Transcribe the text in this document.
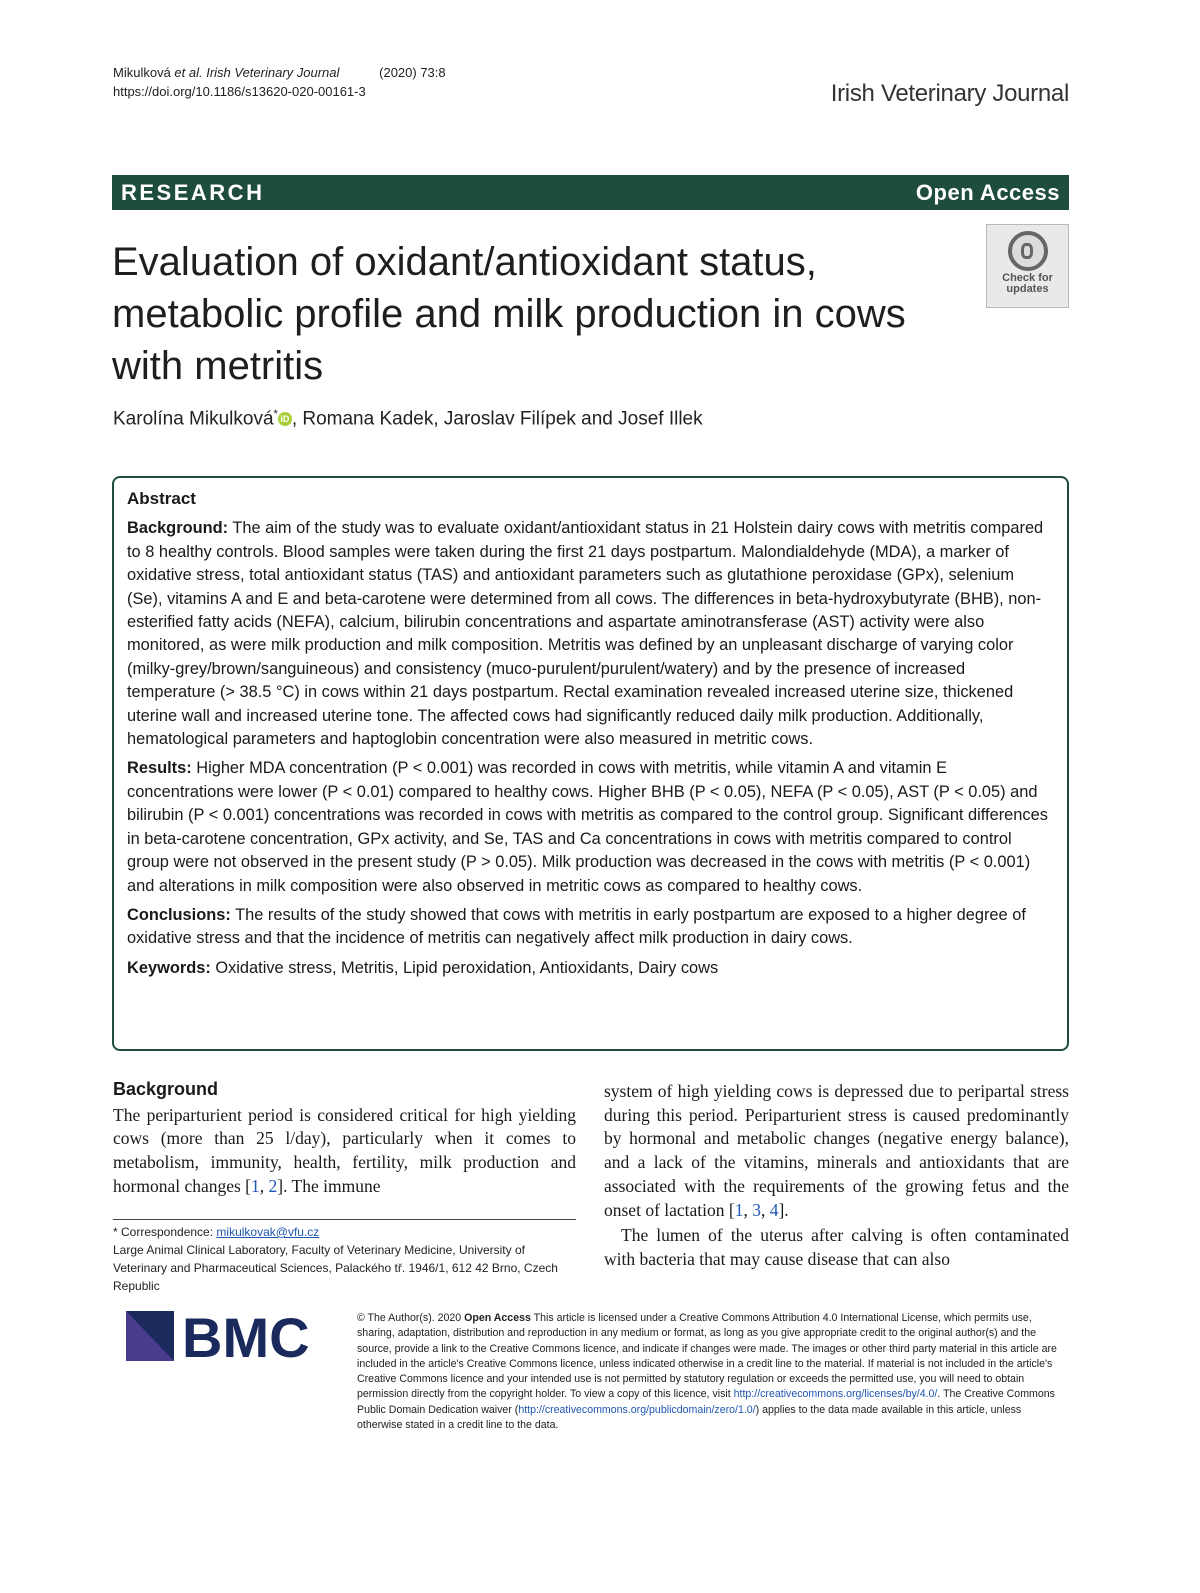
Mikulková et al. Irish Veterinary Journal	(2020) 73:8
https://doi.org/10.1186/s13620-020-00161-3	Irish Veterinary Journal
RESEARCH	Open Access
Evaluation of oxidant/antioxidant status, metabolic profile and milk production in cows with metritis
Check for
updates
Karolína Mikulková* iD , Romana Kadek, Jaroslav Filípek and Josef Illek
Abstract

Background: The aim of the study was to evaluate oxidant/antioxidant status in 21 Holstein dairy cows with metritis compared to 8 healthy controls. Blood samples were taken during the first 21 days postpartum. Malondialdehyde (MDA), a marker of oxidative stress, total antioxidant status (TAS) and antioxidant parameters such as glutathione peroxidase (GPx), selenium (Se), vitamins A and E and beta-carotene were determined from all cows. The differences in beta-hydroxybutyrate (BHB), non-esterified fatty acids (NEFA), calcium, bilirubin concentrations and aspartate aminotransferase (AST) activity were also monitored, as were milk production and milk composition. Metritis was defined by an unpleasant discharge of varying color (milky-grey/brown/sanguineous) and consistency (muco-purulent/purulent/watery) and by the presence of increased temperature (> 38.5 °C) in cows within 21 days postpartum. Rectal examination revealed increased uterine size, thickened uterine wall and increased uterine tone. The affected cows had significantly reduced daily milk production. Additionally, hematological parameters and haptoglobin concentration were also measured in metritic cows.

Results: Higher MDA concentration (P < 0.001) was recorded in cows with metritis, while vitamin A and vitamin E concentrations were lower (P < 0.01) compared to healthy cows. Higher BHB (P < 0.05), NEFA (P < 0.05), AST (P < 0.05) and bilirubin (P < 0.001) concentrations was recorded in cows with metritis as compared to the control group. Significant differences in beta-carotene concentration, GPx activity, and Se, TAS and Ca concentrations in cows with metritis compared to control group were not observed in the present study (P > 0.05). Milk production was decreased in the cows with metritis (P < 0.001) and alterations in milk composition were also observed in metritic cows as compared to healthy cows.

Conclusions: The results of the study showed that cows with metritis in early postpartum are exposed to a higher degree of oxidative stress and that the incidence of metritis can negatively affect milk production in dairy cows.

Keywords: Oxidative stress, Metritis, Lipid peroxidation, Antioxidants, Dairy cows

Background

The periparturient period is considered critical for high yielding cows (more than 25 l/day), particularly when it comes to metabolism, immunity, health, fertility, milk production and hormonal changes [1, 2]. The immune

system of high yielding cows is depressed due to peripartal stress during this period. Periparturient stress is caused predominantly by hormonal and metabolic changes (negative energy balance), and a lack of the vitamins, minerals and antioxidants that are associated with the requirements of the growing fetus and the onset of lactation [1, 3, 4].

The lumen of the uterus after calving is often contaminated with bacteria that may cause disease that can also

* Correspondence: mikulkovak@vfu.cz
Large Animal Clinical Laboratory, Faculty of Veterinary Medicine, University of Veterinary and Pharmaceutical Sciences, Palackého tř. 1946/1, 612 42 Brno, Czech Republic
BMC	© The Author(s). 2020 Open Access This article is licensed under a Creative Commons Attribution 4.0 International License, which permits use, sharing, adaptation, distribution and reproduction in any medium or format, as long as you give appropriate credit to the original author(s) and the source, provide a link to the Creative Commons licence, and indicate if changes were made. The images or other third party material in this article are included in the article's Creative Commons licence, unless indicated otherwise in a credit line to the material. If material is not included in the article's Creative Commons licence and your intended use is not permitted by statutory regulation or exceeds the permitted use, you will need to obtain permission directly from the copyright holder. To view a copy of this licence, visit http://creativecommons.org/licenses/by/4.0/. The Creative Commons Public Domain Dedication waiver (http://creativecommons.org/publicdomain/zero/1.0/) applies to the data made available in this article, unless otherwise stated in a credit line to the data.
